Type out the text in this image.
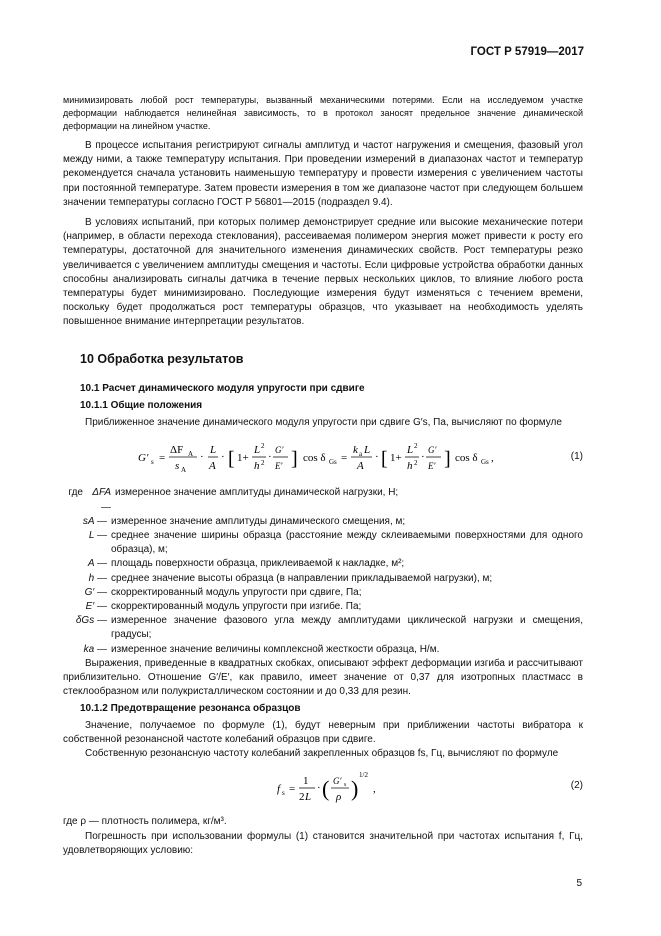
ГОСТ Р 57919—2017

минимизировать любой рост температуры, вызванный механическими потерями. Если на исследуемом участке деформации наблюдается нелинейная зависимость, то в протокол заносят предельное значение динамической деформации на линейном участке.

В процессе испытания регистрируют сигналы амплитуд и частот нагружения и смещения, фазовый угол между ними, а также температуру испытания. При проведении измерений в диапазонах частот и температур рекомендуется сначала установить наименьшую температуру и провести измерения с увеличением частоты при постоянной температуре. Затем провести измерения в том же диапазоне частот при следующем большем значении температуры согласно ГОСТ Р 56801—2015 (подраздел 9.4).

В условиях испытаний, при которых полимер демонстрирует средние или высокие механические потери (например, в области перехода стеклования), рассеиваемая полимером энергия может привести к росту его температуры, достаточной для значительного изменения динамических свойств. Рост температуры резко увеличивается с увеличением амплитуды смещения и частоты. Если цифровые устройства обработки данных способны анализировать сигналы датчика в течение первых нескольких циклов, то влияние любого роста температуры будет минимизировано. Последующие измерения будут изменяться с течением времени, поскольку будет продолжаться рост температуры образцов, что указывает на необходимость уделять повышенное внимание интерпретации результатов.

10 Обработка результатов
10.1 Расчет динамического модуля упругости при сдвиге
10.1.1 Общие положения

Приближенное значение динамического модуля упругости при сдвиге G′s, Па, вычисляют по формуле

G′ s =
ΔF A
s A
·
L
A
· [ 1+
L 2
h 2 ·
G′
E′ ] cos δ Gs =
k a L
A
· [ 1+
L 2
h 2 ·
G′
E′ ] cos δ Gs ,	(1)
где ΔFA —
измеренное значение амплитуды динамической нагрузки, Н;
sA — измеренное значение амплитуды динамического смещения, м;
L — среднее значение ширины образца (расстояние между склеиваемыми поверхностями для одного образца), м;
A — площадь поверхности образца, приклеиваемой к накладке, м²;
h — среднее значение высоты образца (в направлении прикладываемой нагрузки), м;
G′ — скорректированный модуль упругости при сдвиге, Па;
E′ — скорректированный модуль упругости при изгибе. Па;
δGs — измеренное значение фазового угла между амплитудами циклической нагрузки и смещения, градусы;
ka — измеренное значение величины комплексной жесткости образца, Н/м.

Выражения, приведенные в квадратных скобках, описывают эффект деформации изгиба и рассчитывают приблизительно. Отношение G′/E′, как правило, имеет значение от 0,37 для изотропных пластмасс в стеклообразном или полукристаллическом состоянии и до 0,33 для резин.

10.1.2 Предотвращение резонанса образцов

Значение, получаемое по формуле (1), будут неверным при приближении частоты вибратора к собственной резонансной частоте колебаний образцов при сдвиге.

Собственную резонансную частоту колебаний закрепленных образцов fs, Гц, вычисляют по формуле

f s =
1
2 L
· ( G′ s
ρ )
1/2
,	(2)

где ρ — плотность полимера, кг/м³.

Погрешность при использовании формулы (1) становится значительной при частотах испытания f, Гц, удовлетворяющих условию:

5
